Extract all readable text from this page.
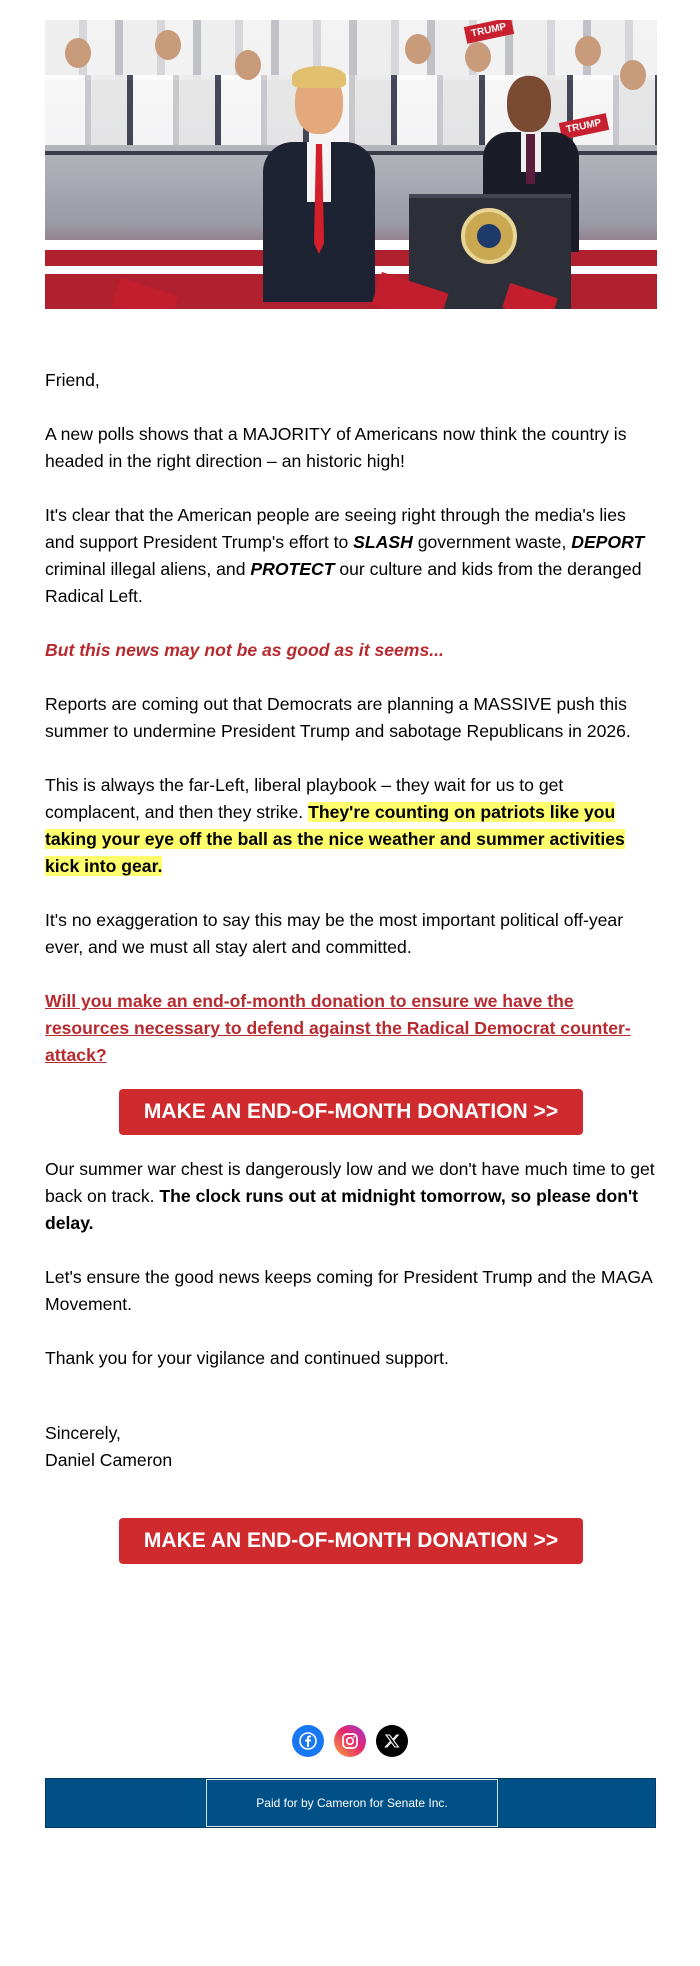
TRUMP
TRUMP

Friend,

A new polls shows that a MAJORITY of Americans now think the country is headed in the right direction – an historic high!

It's clear that the American people are seeing right through the media's lies and support President Trump's effort to SLASH government waste, DEPORT criminal illegal aliens, and PROTECT our culture and kids from the deranged Radical Left.

But this news may not be as good as it seems...

Reports are coming out that Democrats are planning a MASSIVE push this summer to undermine President Trump and sabotage Republicans in 2026.

This is always the far-Left, liberal playbook – they wait for us to get complacent, and then they strike. They're counting on patriots like you taking your eye off the ball as the nice weather and summer activities kick into gear.

It's no exaggeration to say this may be the most important political off-year ever, and we must all stay alert and committed.

Will you make an end-of-month donation to ensure we have the resources necessary to defend against the Radical Democrat counter-attack?

MAKE AN END-OF-MONTH DONATION >>

Our summer war chest is dangerously low and we don't have much time to get back on track. The clock runs out at midnight tomorrow, so please don't delay.

Let's ensure the good news keeps coming for President Trump and the MAGA Movement.

Thank you for your vigilance and continued support.

Sincerely,

Daniel Cameron

MAKE AN END-OF-MONTH DONATION >>

Paid for by Cameron for Senate Inc.
